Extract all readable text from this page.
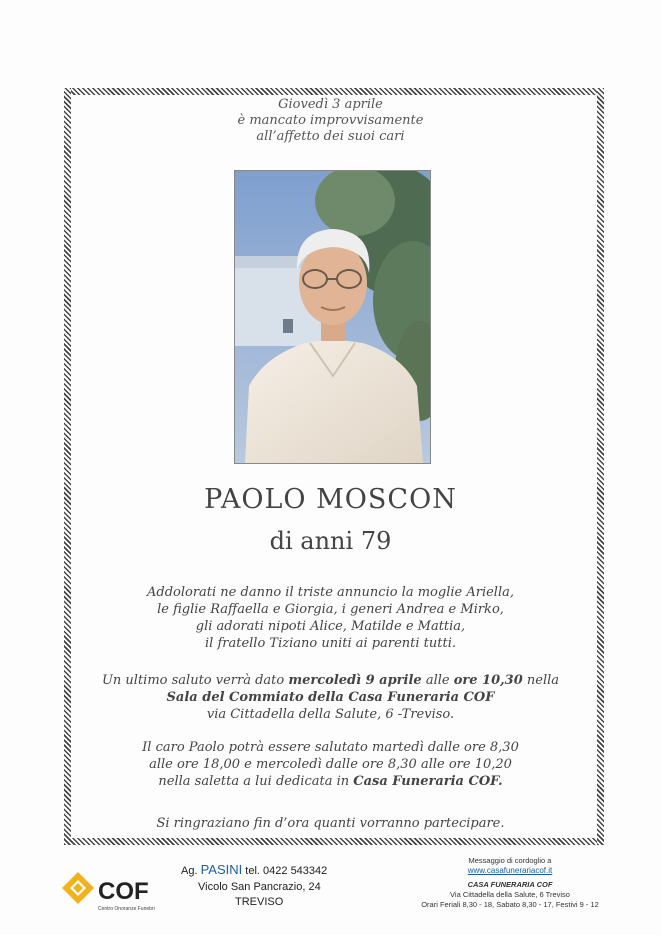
Giovedì 3 aprile
è mancato improvvisamente
all’affetto dei suoi cari
PAOLO MOSCON
di anni 79
Addolorati ne danno il triste annuncio la moglie Ariella,
le figlie Raffaella e Giorgia, i generi Andrea e Mirko,
gli adorati nipoti Alice, Matilde e Mattia,
il fratello Tiziano uniti ai parenti tutti.
Un ultimo saluto verrà dato mercoledì 9 aprile alle ore 10,30 nella
Sala del Commiato della Casa Funeraria COF
via Cittadella della Salute, 6 -Treviso.
Il caro Paolo potrà essere salutato martedì dalle ore 8,30
alle ore 18,00 e mercoledì dalle ore 8,30 alle ore 10,20
nella saletta a lui dedicata in Casa Funeraria COF.
Si ringraziano fin d’ora quanti vorranno partecipare.
COF
Centro Onoranze Funebri
Ag. PASINI tel. 0422 543342
Vicolo San Pancrazio, 24
TREVISO
Messaggio di cordoglio a
www.casafunerariacof.it
CASA FUNERARIA COF
Via Cittadella della Salute, 6 Treviso
Orari Feriali 8,30 - 18, Sabato 8,30 - 17, Festivi 9 - 12
